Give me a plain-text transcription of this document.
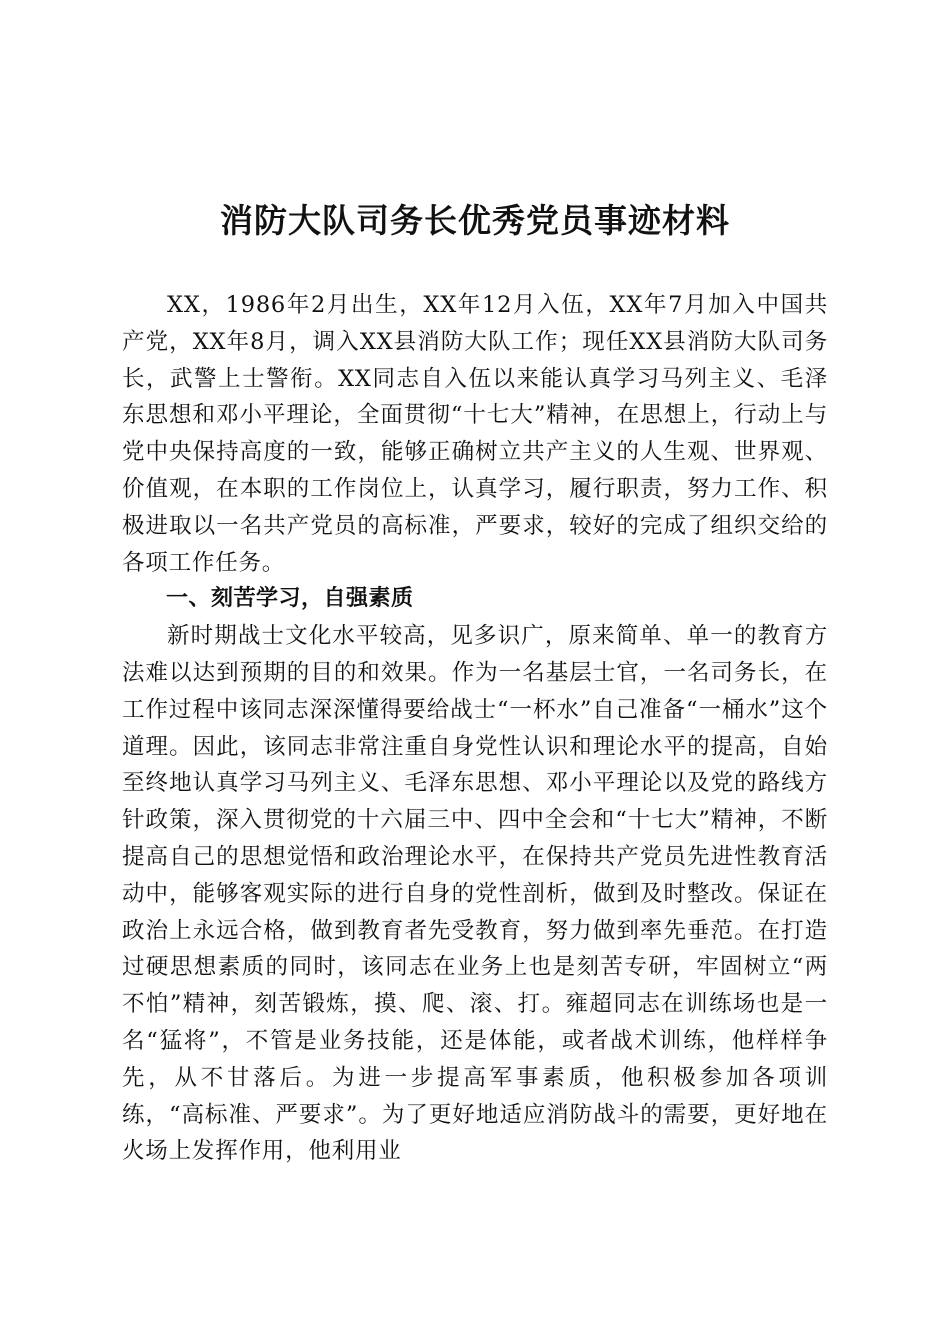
消防大队司务长优秀党员事迹材料

XX，1986年2月出生，XX年12月入伍，XX年7月加入中国共产党，XX年8月，调入XX县消防大队工作；现任XX县消防大队司务长，武警上士警衔。XX同志自入伍以来能认真学习马列主义、毛泽东思想和邓小平理论，全面贯彻“十七大”精神，在思想上，行动上与党中央保持高度的一致，能够正确树立共产主义的人生观、世界观、价值观，在本职的工作岗位上，认真学习，履行职责，努力工作、积极进取以一名共产党员的高标准，严要求，较好的完成了组织交给的各项工作任务。

一、刻苦学习，自强素质

新时期战士文化水平较高，见多识广，原来简单、单一的教育方法难以达到预期的目的和效果。作为一名基层士官，一名司务长，在工作过程中该同志深深懂得要给战士“一杯水”自己准备“一桶水”这个道理。因此，该同志非常注重自身党性认识和理论水平的提高，自始至终地认真学习马列主义、毛泽东思想、邓小平理论以及党的路线方针政策，深入贯彻党的十六届三中、四中全会和“十七大”精神，不断提高自己的思想觉悟和政治理论水平，在保持共产党员先进性教育活动中，能够客观实际的进行自身的党性剖析，做到及时整改。保证在政治上永远合格，做到教育者先受教育，努力做到率先垂范。在打造过硬思想素质的同时，该同志在业务上也是刻苦专研，牢固树立“两不怕”精神，刻苦锻炼，摸、爬、滚、打。雍超同志在训练场也是一名“猛将”，不管是业务技能，还是体能，或者战术训练，他样样争先，从不甘落后。为进一步提高军事素质，他积极参加各项训练，“高标准、严要求”。为了更好地适应消防战斗的需要，更好地在火场上发挥作用，他利用业
